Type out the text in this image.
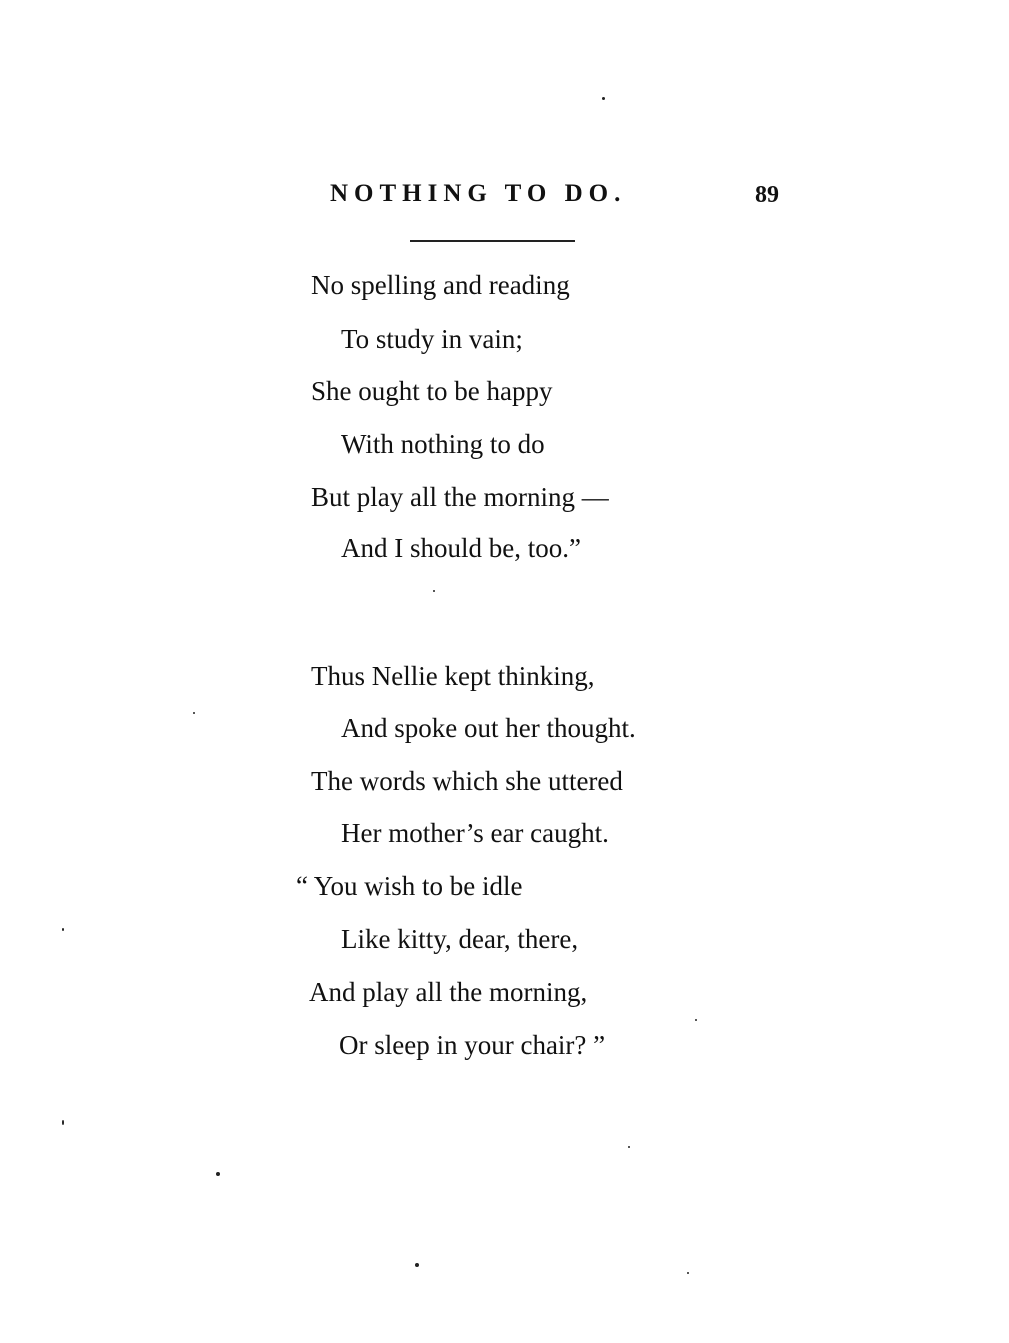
NOTHING TO DO.	89
No spelling and reading
To study in vain;
She ought to be happy
With nothing to do
But play all the morning —
And I should be, too.”
Thus Nellie kept thinking,
And spoke out her thought.
The words which she uttered
Her mother’s ear caught.
“ You wish to be idle
Like kitty, dear, there,
And play all the morning,
Or sleep in your chair? ”
